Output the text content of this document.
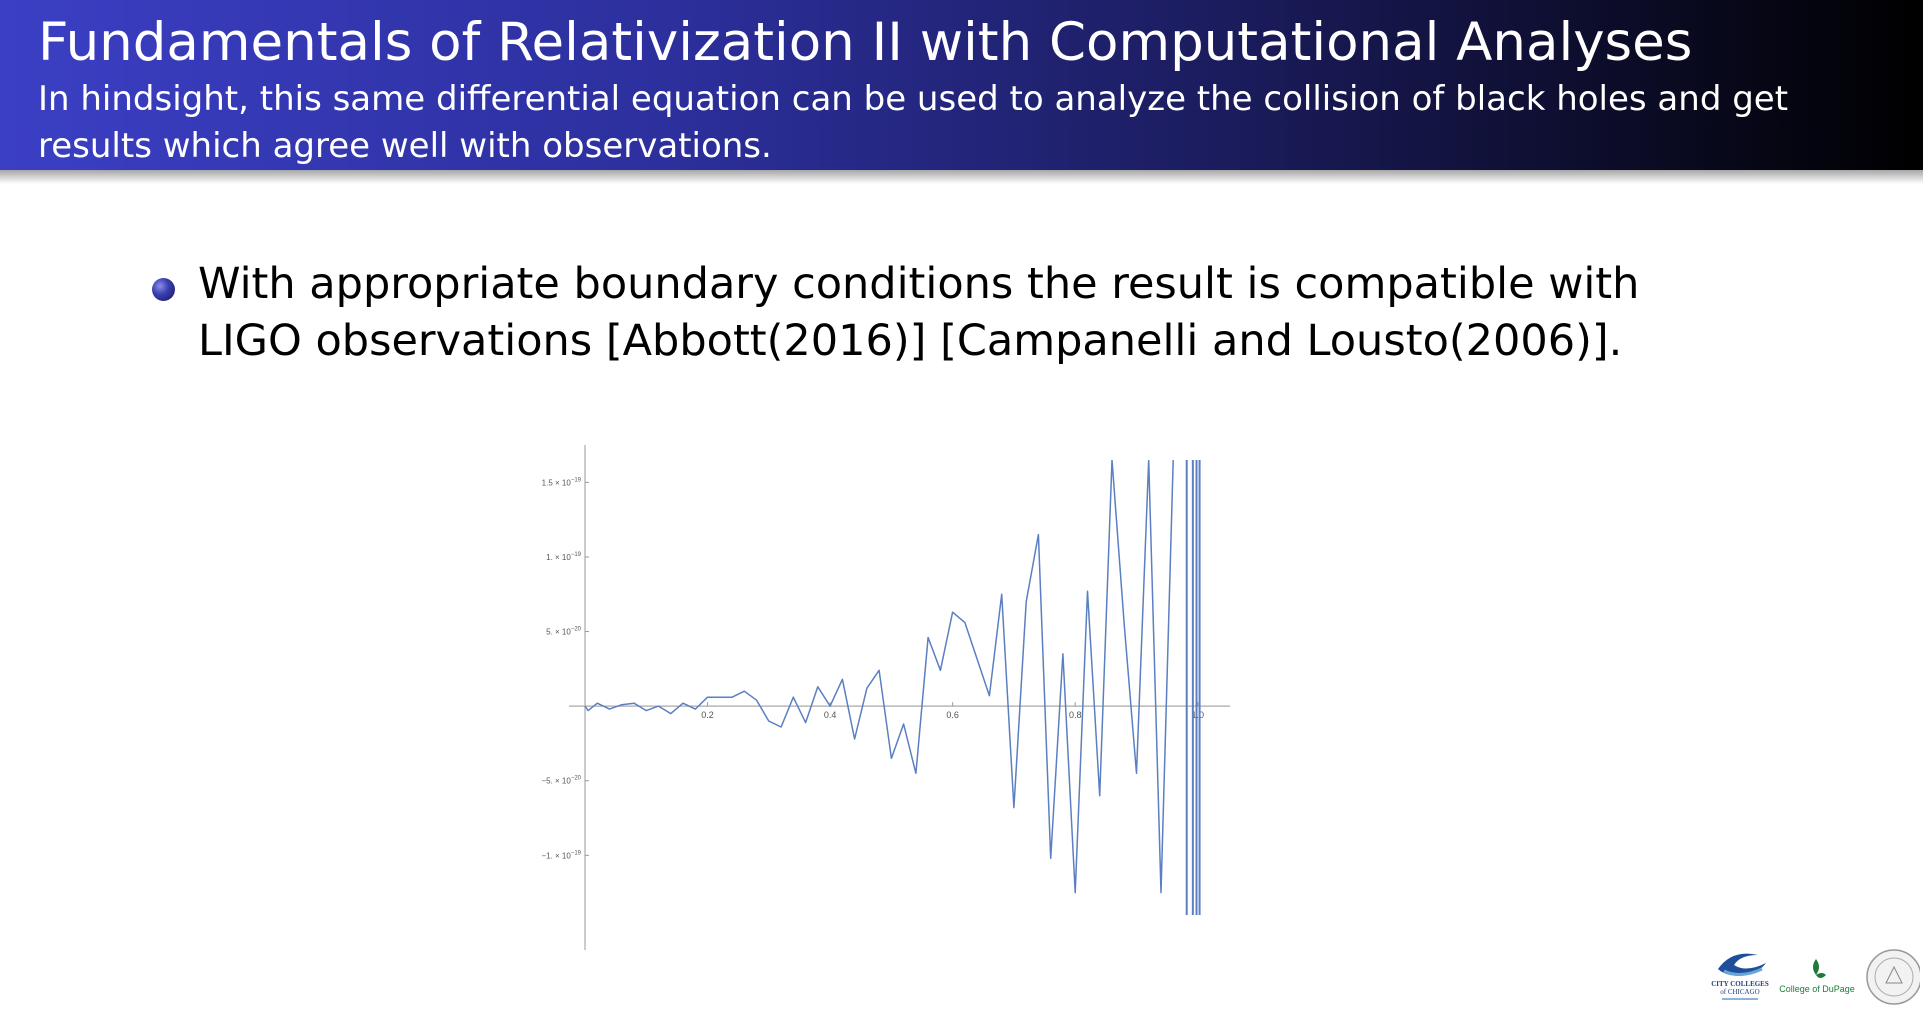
Fundamentals of Relativization II with Computational Analyses
In hindsight, this same differential equation can be used to analyze the collision of black holes and get results which agree well with observations.
With appropriate boundary conditions the result is compatible with LIGO observations [Abbott(2016)] [Campanelli and Lousto(2006)].
0.2	0.4	0.6	0.8	1.0
$1.5 \times 10^{-19}$
1. × $10^{-19}$
5. × $10^{-20}$
−5. × $10^{-20}$
−1. × $10^{-19}$
CITY COLLEGES
of CHICAGO College of DuPage
